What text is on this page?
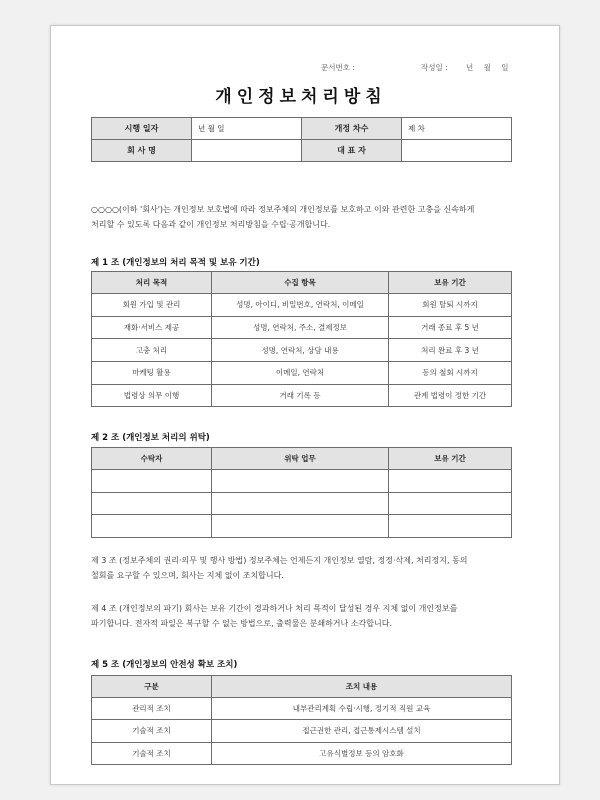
문서번호 :	작성일 : 년 월 일
개인정보처리방침
시행 일자	년 월 일	개정 차수	제 차
회 사 명		대 표 자	
○○○○(이하 '회사')는 개인정보 보호법에 따라 정보주체의 개인정보를 보호하고 이와 관련한 고충을 신속하게
처리할 수 있도록 다음과 같이 개인정보 처리방침을 수립·공개합니다.
제 1 조 (개인정보의 처리 목적 및 보유 기간)
처리 목적	수집 항목	보유 기간
회원 가입 및 관리	성명, 아이디, 비밀번호, 연락처, 이메일	회원 탈퇴 시까지
재화·서비스 제공	성명, 연락처, 주소, 결제정보	거래 종료 후 5 년
고충 처리	성명, 연락처, 상담 내용	처리 완료 후 3 년
마케팅 활용	이메일, 연락처	동의 철회 시까지
법령상 의무 이행	거래 기록 등	관계 법령이 정한 기간
제 2 조 (개인정보 처리의 위탁)
수탁자	위탁 업무	보유 기간

제 3 조 (정보주체의 권리·의무 및 행사 방법) 정보주체는 언제든지 개인정보 열람, 정정·삭제, 처리정지, 동의
철회를 요구할 수 있으며, 회사는 지체 없이 조치합니다.
제 4 조 (개인정보의 파기) 회사는 보유 기간이 경과하거나 처리 목적이 달성된 경우 지체 없이 개인정보를
파기합니다. 전자적 파일은 복구할 수 없는 방법으로, 출력물은 분쇄하거나 소각합니다.
제 5 조 (개인정보의 안전성 확보 조치)
구분	조치 내용
관리적 조치	내부관리계획 수립·시행, 정기적 직원 교육
기술적 조치	접근권한 관리, 접근통제시스템 설치
기술적 조치	고유식별정보 등의 암호화
